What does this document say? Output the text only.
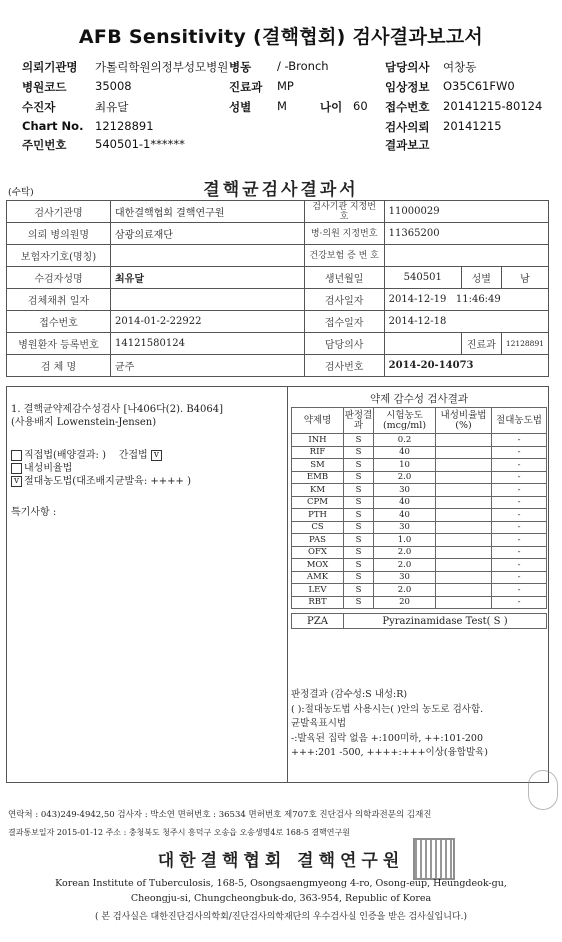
AFB Sensitivity (결핵협회) 검사결과보고서
의뢰기관명 가톨릭학원의정부성모병원 병동 / -Bronch	담당의사 여창동
병원코드 35008	진료과 MP	임상정보 O35C61FW0
수진자	최유달	성별 M	나이 60 접수번호 20141215-80124
Chart No. 12128891	검사의뢰 20141215
주민번호 540501-1******	결과보고
(수탁)	결핵균검사결과서
검사기관명	대한결핵협회 결핵연구원	검사기관 지정번호	11000029		
의뢰 병의원명	삼광의료재단	병·의원 지정번호	11365200		
보험자기호(명칭)		건강보험 증 번 호			
수검자성명	최유달	생년월일	540501	성별	남
검체채취 일자		검사일자	2014-12-19 11:46:49		
접수번호	2014-01-2-22922	접수일자	2014-12-18		
병원환자 등록번호	14121580124	담당의사		진료과	12128891
검 체 명	균주	검사번호	2014-20-14073		
1. 결핵균약제감수성검사 [나406다(2). B4064]
(사용배지 Lowenstein-Jensen)
직접법(배양결과: ) 간접법 v
내성비율법
v 절대농도법(대조배지균발육: ++++ )
특기사항 :
약제 감수성 검사결과
약제명	판정결과	시험농도(mcg/ml)	내성비율법(%)	절대농도법
INH	S	0.2		-
RIF	S	40		-
SM	S	10		-
EMB	S	2.0		-
KM	S	30		-
CPM	S	40		-
PTH	S	40		-
CS	S	30		-
PAS	S	1.0		-
OFX	S	2.0		-
MOX	S	2.0		-
AMK	S	30		-
LEV	S	2.0		-
RBT	S	20		-
PZA	Pyrazinamidase Test( S )
판정결과 (감수성:S 내성:R)
( ):절대농도법 사용시는( )안의 농도로 검사함.
균발육표시법
-:발육된 집락 없음 +:100미하, ++:101-200
+++:201 -500, ++++:+++이상(융합발육)
연락처 : 043)249-4942,50 검사자 : 박소연 면허번호 : 36534 면허번호 제707호 진단검사 의학과전문의 김재진
결과통보일자 2015-01-12 주소 : 충청북도 청주시 흥덕구 오송읍 오송생명4로 168-5 결핵연구원
대한결핵협회 결핵연구원
Korean Institute of Tuberculosis, 168-5, Osongsaengmyeong 4-ro, Osong-eup, Heungdeok-gu,
Cheongju-si, Chungcheongbuk-do, 363-954, Republic of Korea
( 본 검사실은 대한진단검사의학회/진단검사의학재단의 우수검사실 인증을 받은 검사실입니다.)
